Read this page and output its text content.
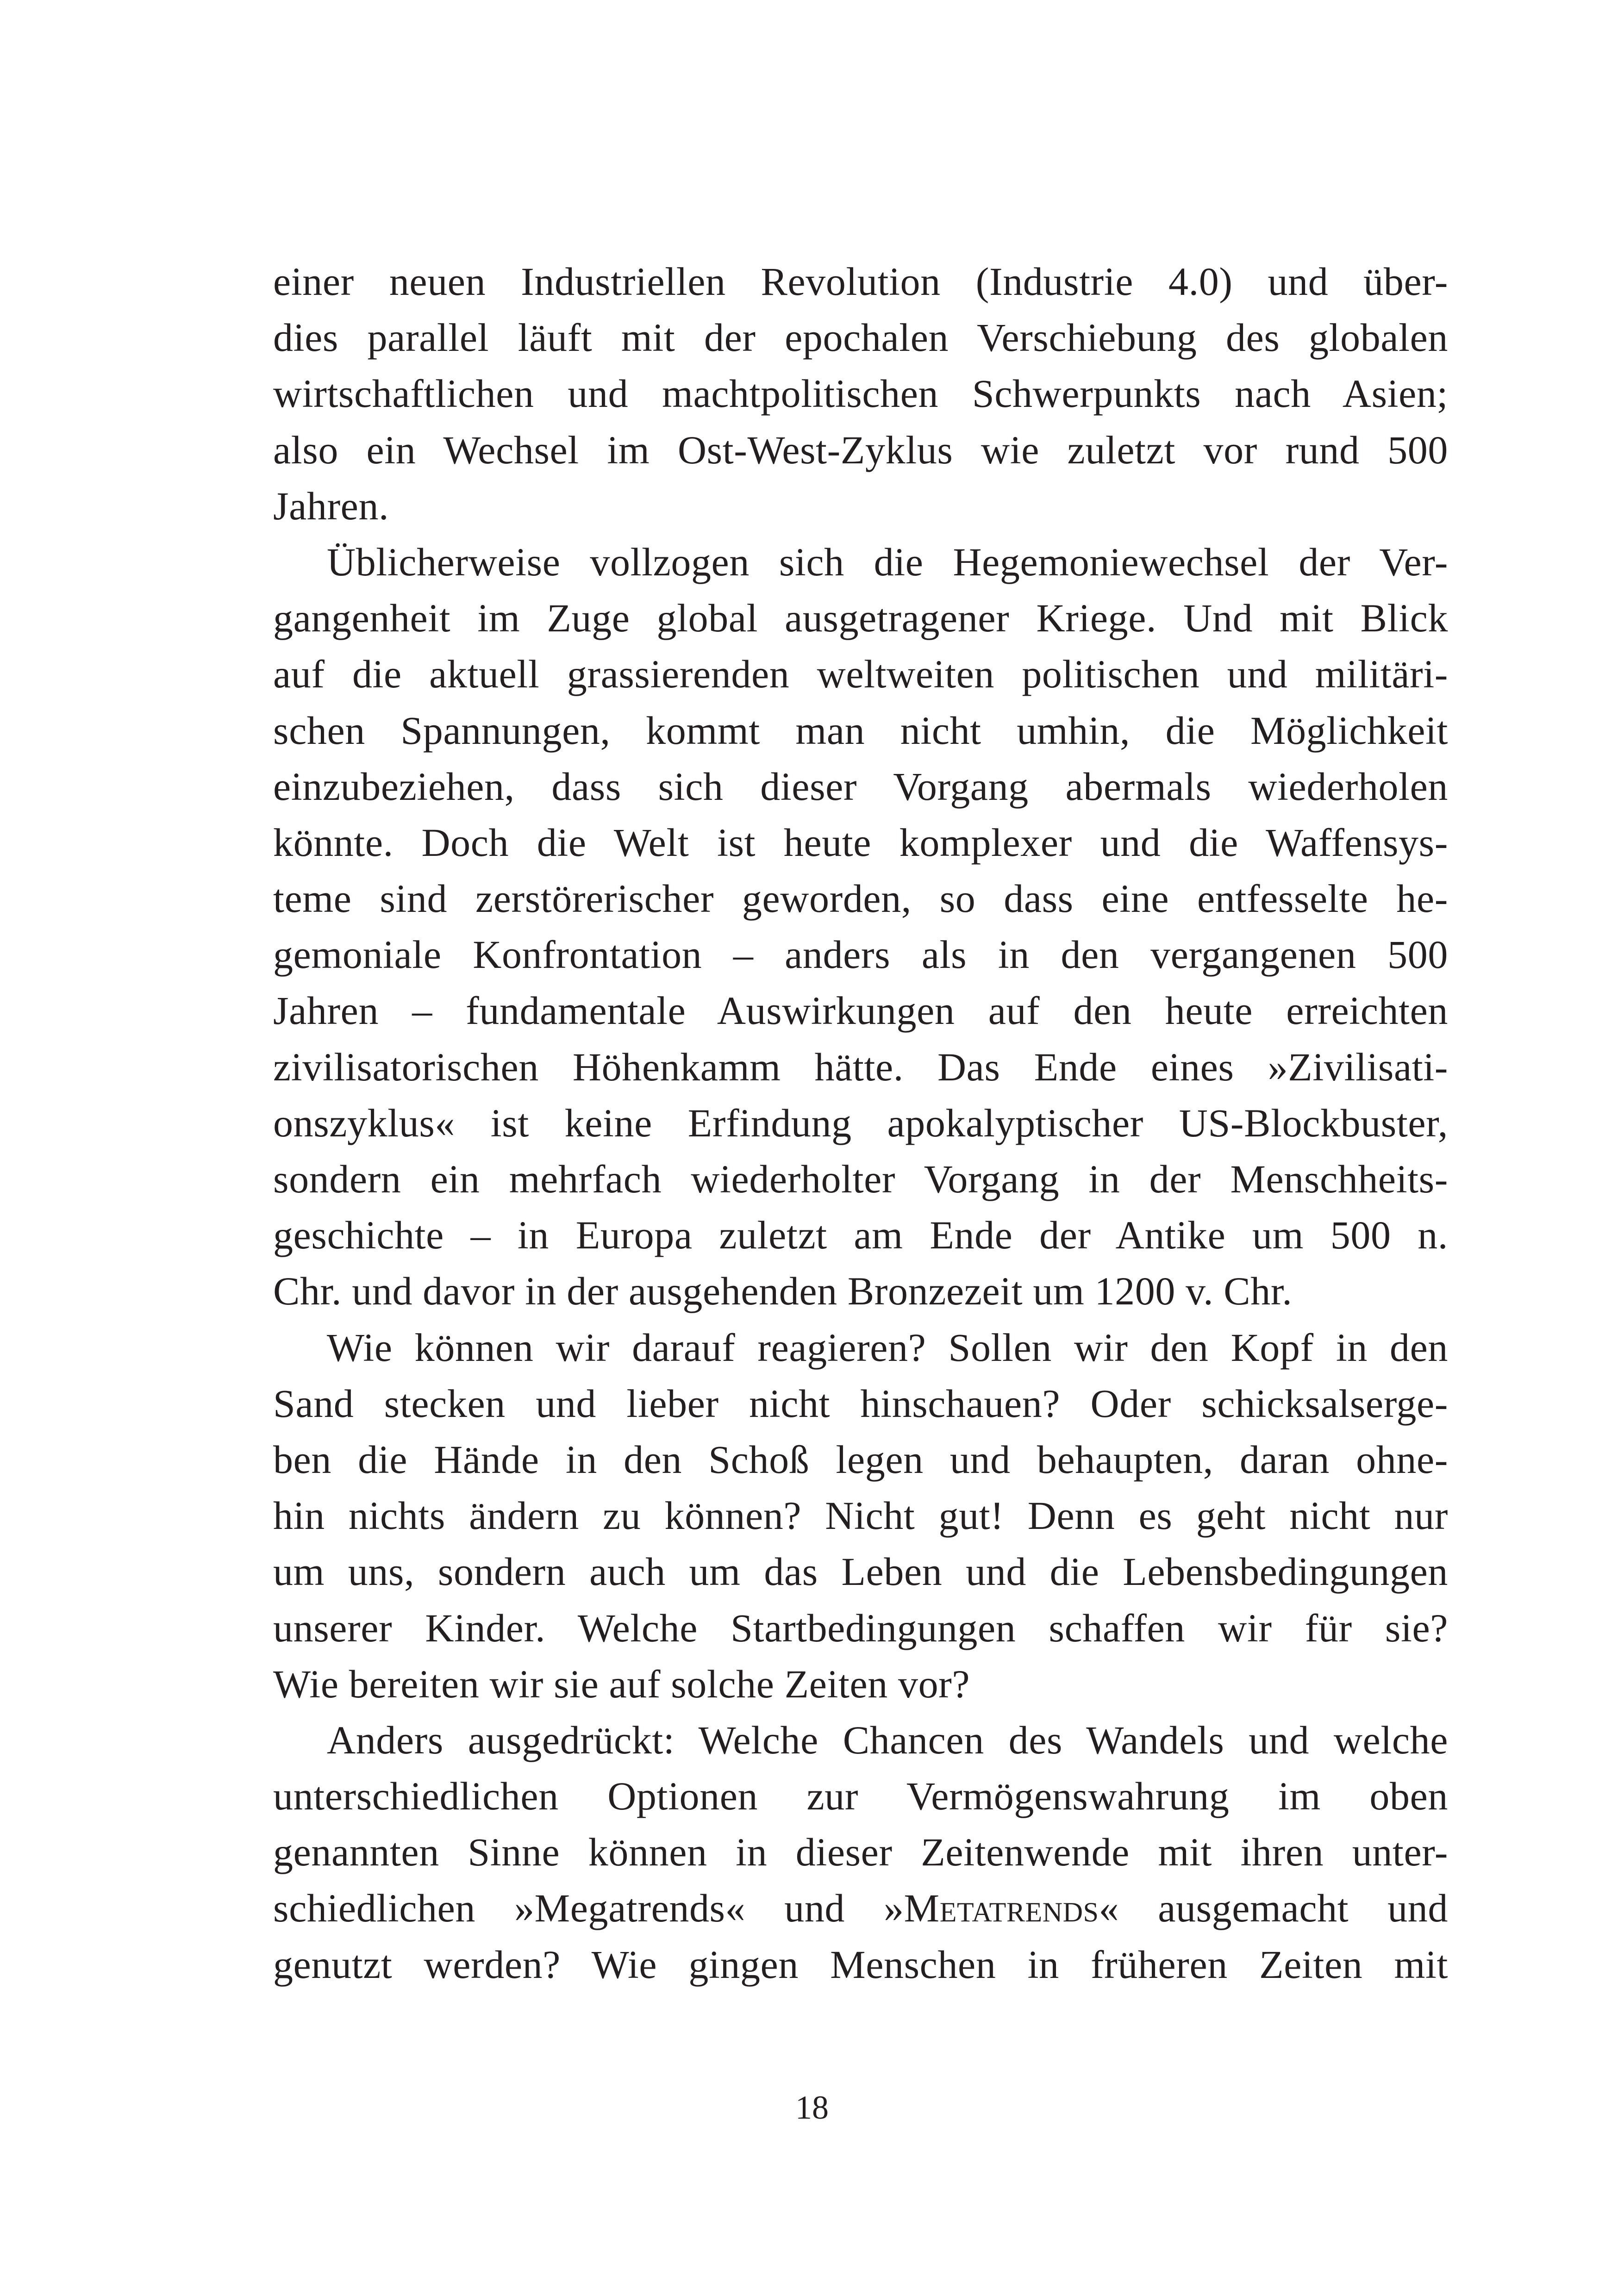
einer neuen Industriellen Revolution (Industrie 4.0) und über-
dies parallel läuft mit der epochalen Verschiebung des globalen
wirtschaftlichen und machtpolitischen Schwerpunkts nach Asien;
also ein Wechsel im Ost-West-Zyklus wie zuletzt vor rund 500
Jahren.
Üblicherweise vollzogen sich die Hegemoniewechsel der Ver-
gangenheit im Zuge global ausgetragener Kriege. Und mit Blick
auf die aktuell grassierenden weltweiten politischen und militäri-
schen Spannungen, kommt man nicht umhin, die Möglichkeit
einzubeziehen, dass sich dieser Vorgang abermals wiederholen
könnte. Doch die Welt ist heute komplexer und die Waffensys-
teme sind zerstörerischer geworden, so dass eine entfesselte he-
gemoniale Konfrontation – anders als in den vergangenen 500
Jahren – fundamentale Auswirkungen auf den heute erreichten
zivilisatorischen Höhenkamm hätte. Das Ende eines »Zivilisati-
onszyklus« ist keine Erfindung apokalyptischer US-Blockbuster,
sondern ein mehrfach wiederholter Vorgang in der Menschheits-
geschichte – in Europa zuletzt am Ende der Antike um 500 n.
Chr. und davor in der ausgehenden Bronzezeit um 1200 v. Chr.
Wie können wir darauf reagieren? Sollen wir den Kopf in den
Sand stecken und lieber nicht hinschauen? Oder schicksalserge-
ben die Hände in den Schoß legen und behaupten, daran ohne-
hin nichts ändern zu können? Nicht gut! Denn es geht nicht nur
um uns, sondern auch um das Leben und die Lebensbedingungen
unserer Kinder. Welche Startbedingungen schaffen wir für sie?
Wie bereiten wir sie auf solche Zeiten vor?
Anders ausgedrückt: Welche Chancen des Wandels und welche
unterschiedlichen Optionen zur Vermögenswahrung im oben
genannten Sinne können in dieser Zeitenwende mit ihren unter-
schiedlichen »Megatrends« und »Metatrends« ausgemacht und
genutzt werden? Wie gingen Menschen in früheren Zeiten mit
18
